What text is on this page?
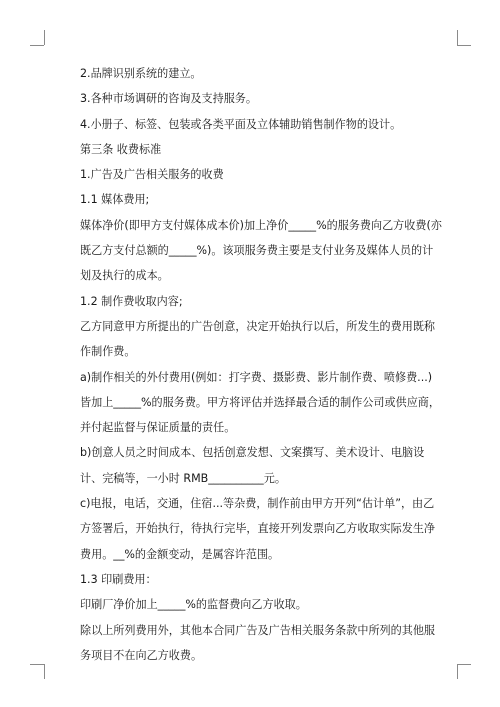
2.品牌识别系统的建立。

3.各种市场调研的咨询及支持服务。

4.小册子、标签、包装或各类平面及立体辅助销售制作物的设计。

第三条 收费标准

1.广告及广告相关服务的收费

1.1 媒体费用;

媒体净价(即甲方支付媒体成本价)加上净价_____%的服务费向乙方收费(亦既乙方支付总额的_____%)。该项服务费主要是支付业务及媒体人员的计划及执行的成本。

1.2 制作费收取内容;

乙方同意甲方所提出的广告创意，决定开始执行以后，所发生的费用既称作制作费。

a)制作相关的外付费用(例如：打字费、摄影费、影片制作费、喷修费...)皆加上_____%的服务费。甲方将评估并选择最合适的制作公司或供应商，并付起监督与保证质量的责任。

b)创意人员之时间成本、包括创意发想、文案撰写、美术设计、电脑设计、完稿等，一小时 RMB__________元。

c)电报，电话，交通，住宿...等杂费，制作前由甲方开列“估计单”，由乙方签署后，开始执行，待执行完毕，直接开列发票向乙方收取实际发生净费用。__%的金额变动，是属容许范围。

1.3 印刷费用：

印刷厂净价加上_____%的监督费向乙方收取。

除以上所列费用外，其他本合同广告及广告相关服务条款中所列的其他服务项目不在向乙方收费。
